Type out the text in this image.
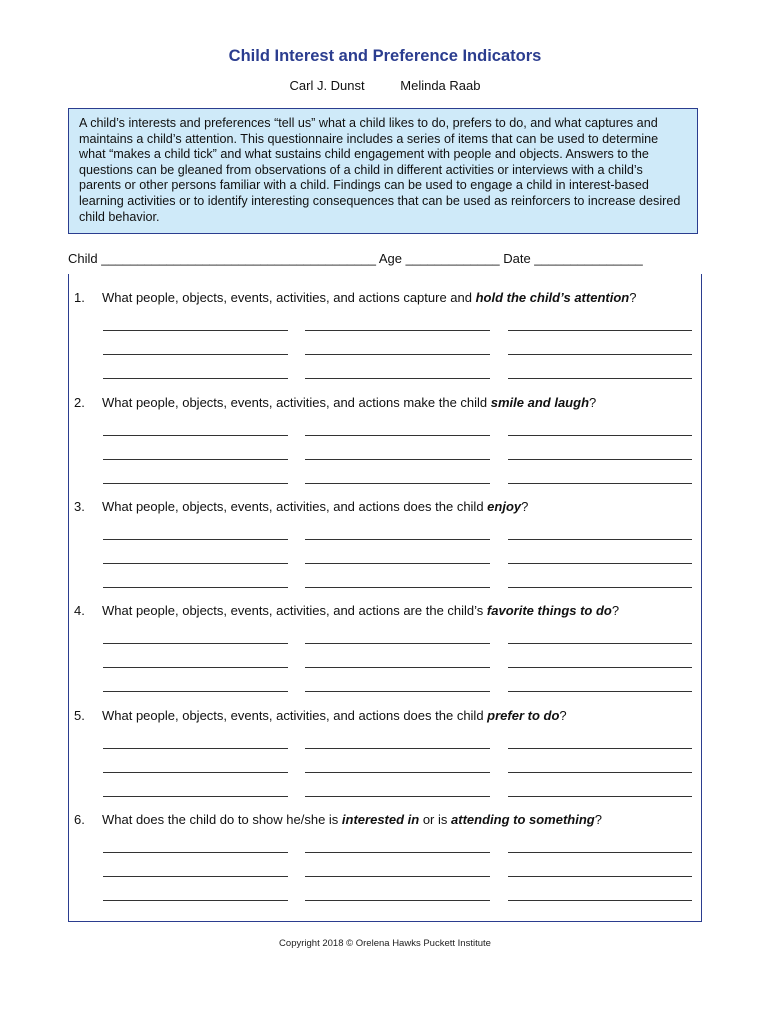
Child Interest and Preference Indicators
Carl J. Dunst	Melinda Raab
A child’s interests and preferences “tell us” what a child likes to do, prefers to do, and what captures and maintains a child’s attention. This questionnaire includes a series of items that can be used to determine what “makes a child tick” and what sustains child engagement with people and objects. Answers to the questions can be gleaned from observations of a child in different activities or interviews with a child’s parents or other persons familiar with a child. Findings can be used to engage a child in interest-based learning activities or to identify interesting consequences that can be used as reinforcers to increase desired child behavior.
Child ______________________________________ Age _____________ Date _______________
1. What people, objects, events, activities, and actions capture and hold the child’s attention?
2. What people, objects, events, activities, and actions make the child smile and laugh?
3. What people, objects, events, activities, and actions does the child enjoy?
4. What people, objects, events, activities, and actions are the child’s favorite things to do?
5. What people, objects, events, activities, and actions does the child prefer to do?
6. What does the child do to show he/she is interested in or is attending to something?
Copyright 2018 © Orelena Hawks Puckett Institute
